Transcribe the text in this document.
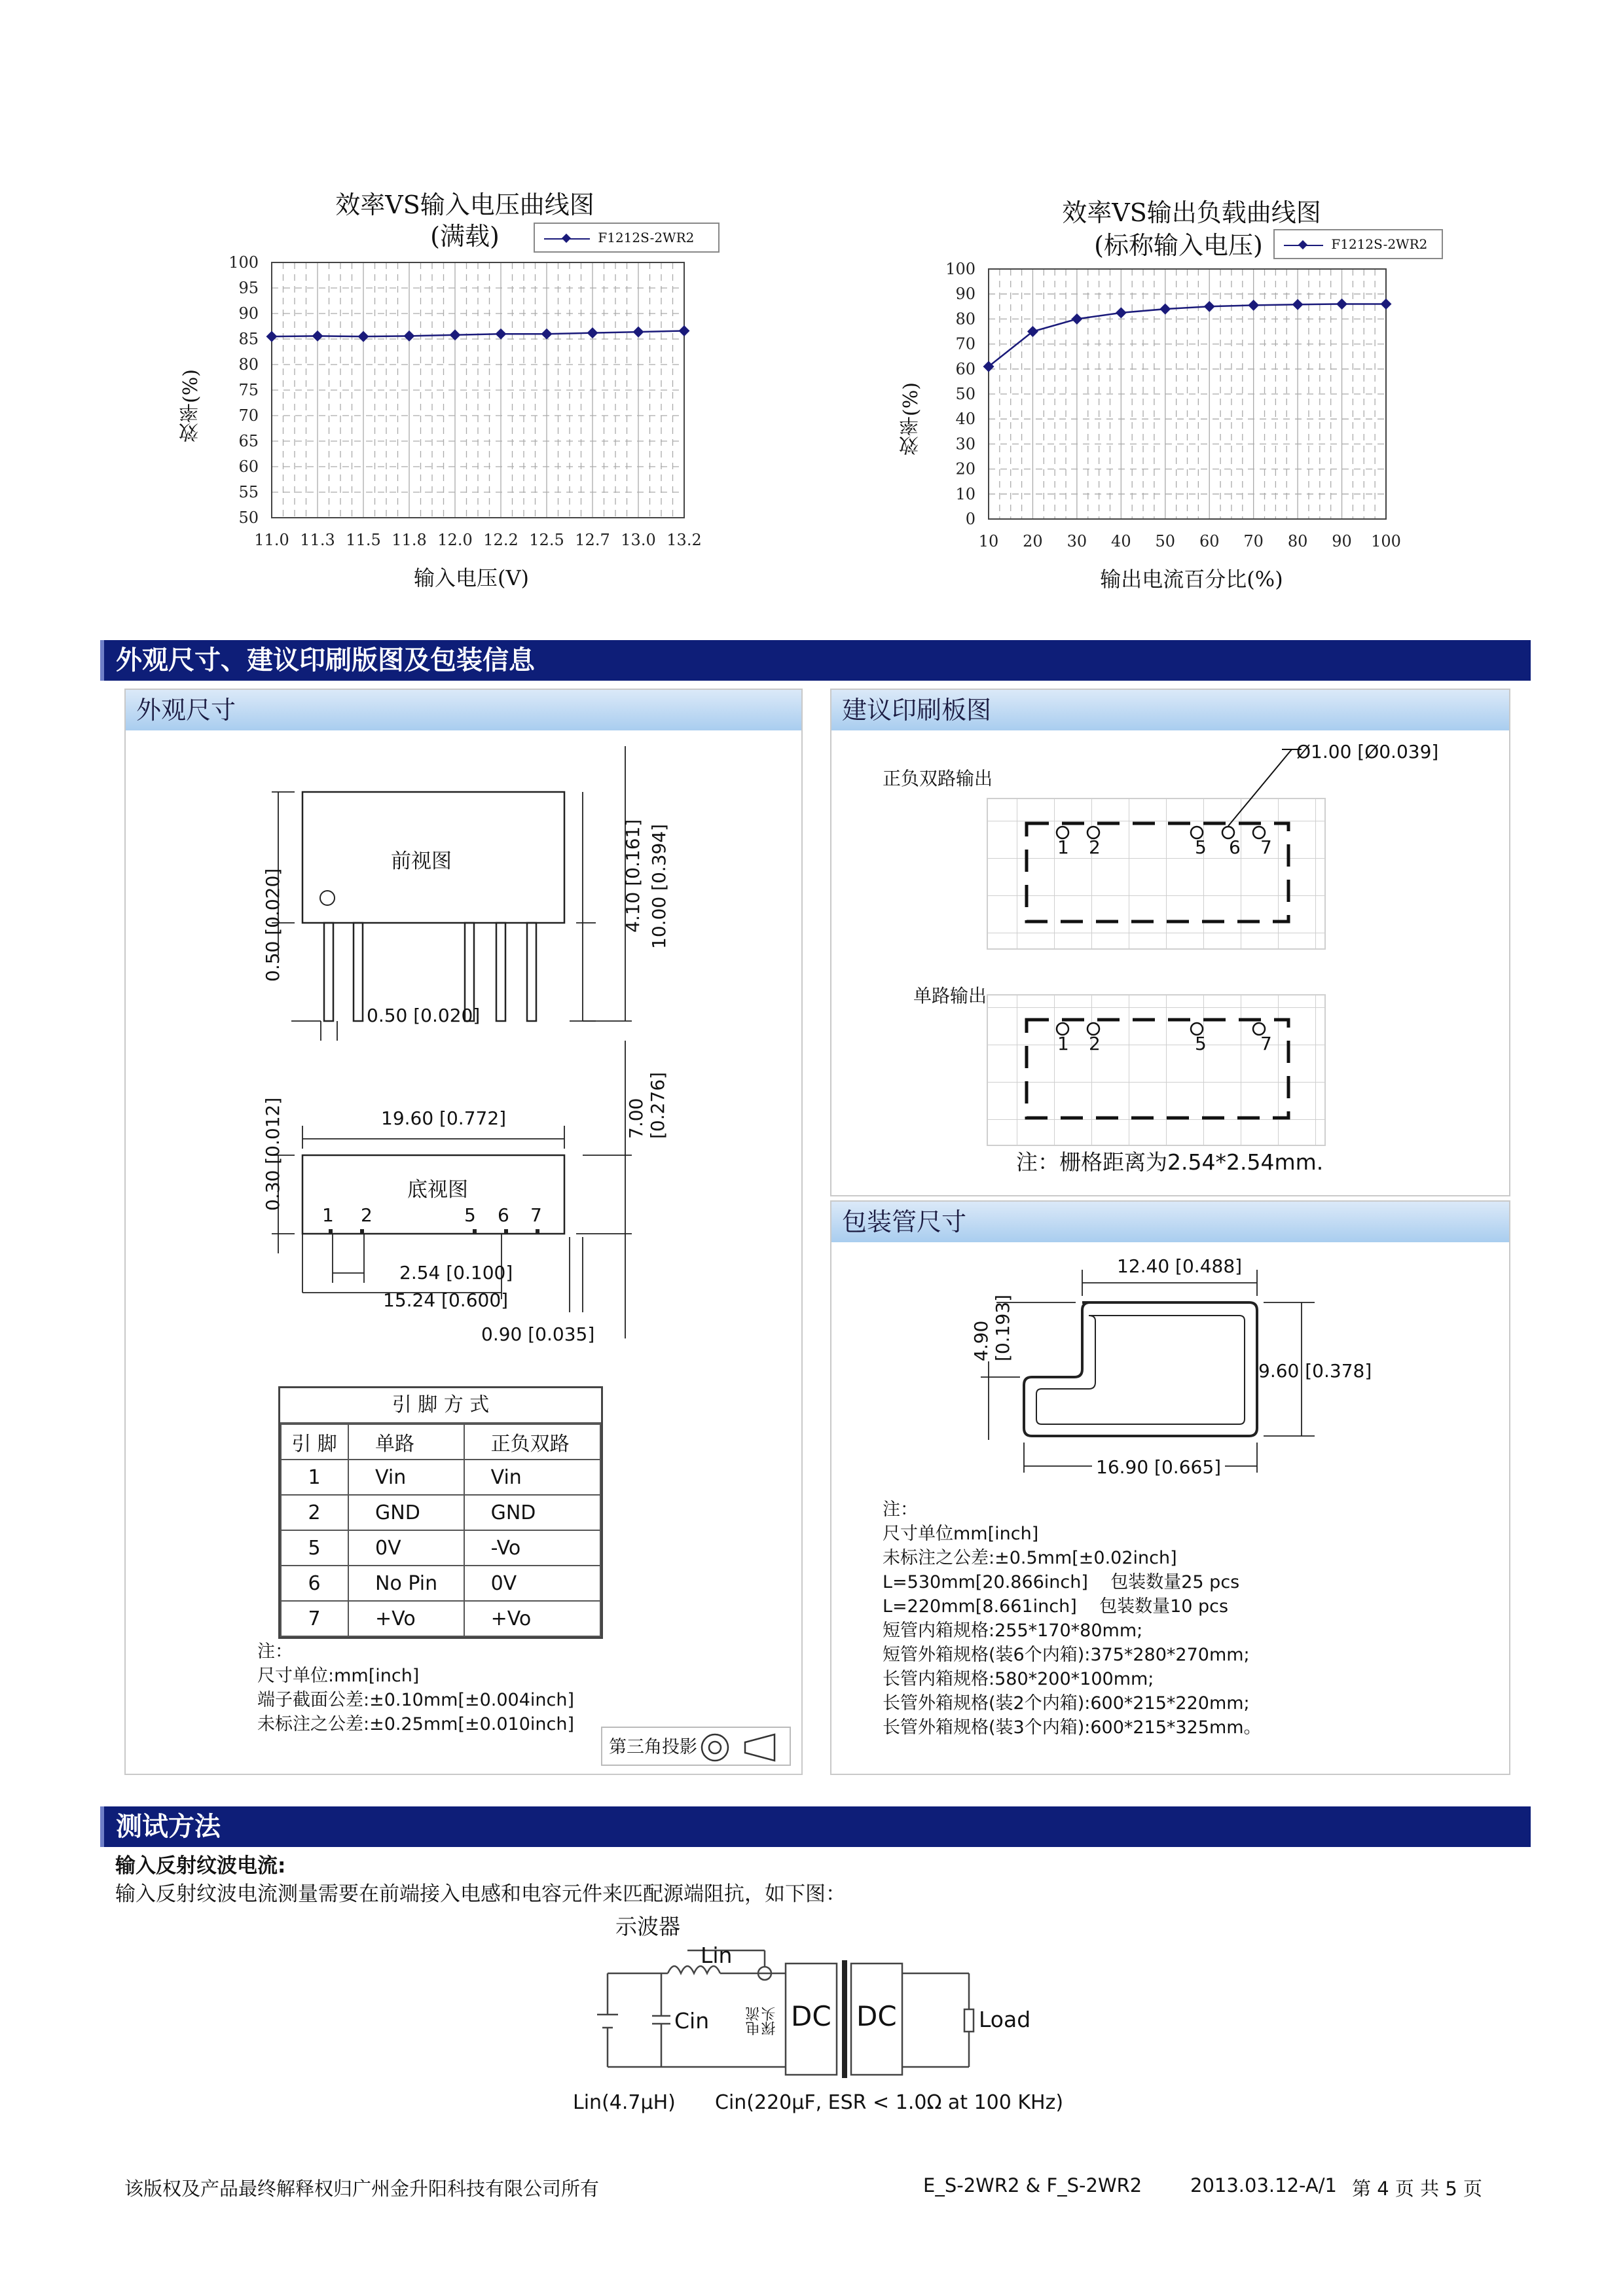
效率VS输入电压曲线图
(满载)	F1212S-2WR2
100
95
90
85
80
75
70
65
60
55
50
11.0 11.3 11.5 11.8 12.0 12.2 12.5 12.7 13.0 13.2
效率(%)
输入电压(V)
效率VS输出负载曲线图
(标称输入电压)	F1212S-2WR2
100
90
80
70
60
50
40
30
20
10
0
10 20 30 40 50 60 70 80 90 100
效率(%)
输出电流百分比(%)
外观尺寸、建议印刷版图及包装信息
外观尺寸
前视图
0.50 [0.020]	4.10 [0.161] 10.00 [0.394]
0.50 [0.020]
7.00 [0.276]
0.30 [0.012]	19.60 [0.772]
底视图
1 2	5 6 7
2.54 [0.100]
15.24 [0.600]
0.90 [0.035]
引 脚 方 式
引 脚	单路	正负双路
1	Vin	Vin
2	GND	GND
5	0V	-Vo
6	No Pin	0V
7	+Vo	+Vo
注：
尺寸单位:mm[inch]
端子截面公差:±0.10mm[±0.004inch]
未标注之公差:±0.25mm[±0.010inch]
第三角投影
建议印刷板图
Ø1.00 [Ø0.039]
正负双路输出
单路输出
1 2	5 6 7
1 2	5	7
注：栅格距离为2.54*2.54mm.
包装管尺寸
12.40 [0.488]
4.90 [0.193]
9.60 [0.378]
16.90 [0.665]
注：
尺寸单位mm[inch]
未标注之公差:±0.5mm[±0.02inch]
L=530mm[20.866inch]    包装数量25 pcs
L=220mm[8.661inch]    包装数量10 pcs
短管内箱规格:255*170*80mm;
短管外箱规格(装6个内箱):375*280*270mm;
长管内箱规格:580*200*100mm;
长管外箱规格(装2个内箱):600*215*220mm;
长管外箱规格(装3个内箱):600*215*325mm。
测试方法
输入反射纹波电流:
输入反射纹波电流测量需要在前端接入电感和电容元件来匹配源端阻抗，如下图：
示波器
Lin
Cin	电流探头 DC DC	Load
Lin(4.7μH) Cin(220μF, ESR < 1.0Ω at 100 KHz)
该版权及产品最终解释权归广州金升阳科技有限公司所有	E_S-2WR2 & F_S-2WR2	2013.03.12-A/1 第 4 页 共 5 页
